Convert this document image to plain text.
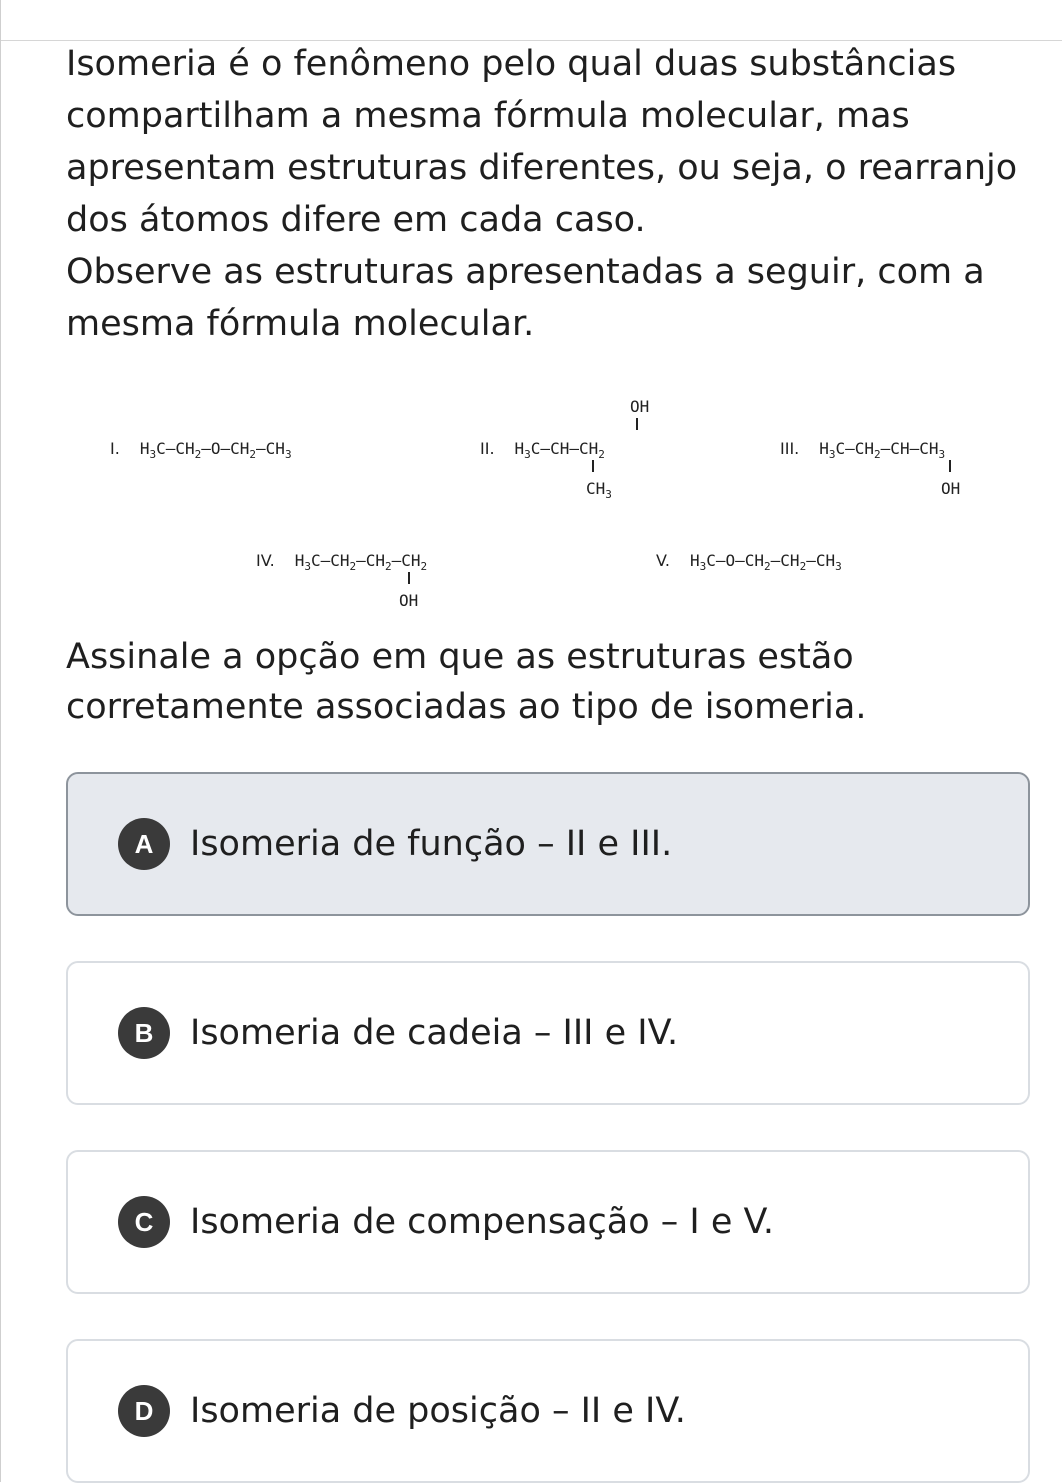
Isomeria é o fenômeno pelo qual duas substâncias compartilham a mesma fórmula molecular, mas apresentam estruturas diferentes, ou seja, o rearranjo dos átomos difere em cada caso.

Observe as estruturas apresentadas a seguir, com a mesma fórmula molecular.

I. $H_3C—CH_2—O—CH_2—CH_3$
OH
II. $H_3C—CH—CH_2$
$CH_3$
III. $H_3C—CH_2—CH—CH_3$
OH
IV. $H_3C—CH_2—CH_2—CH_2$
OH
V. $H_3C—O—CH_2—CH_2—CH_3$

Assinale a opção em que as estruturas estão corretamente associadas ao tipo de isomeria.

A	Isomeria de função – II e III.
B	Isomeria de cadeia – III e IV.
C	Isomeria de compensação – I e V.
D	Isomeria de posição – II e IV.
